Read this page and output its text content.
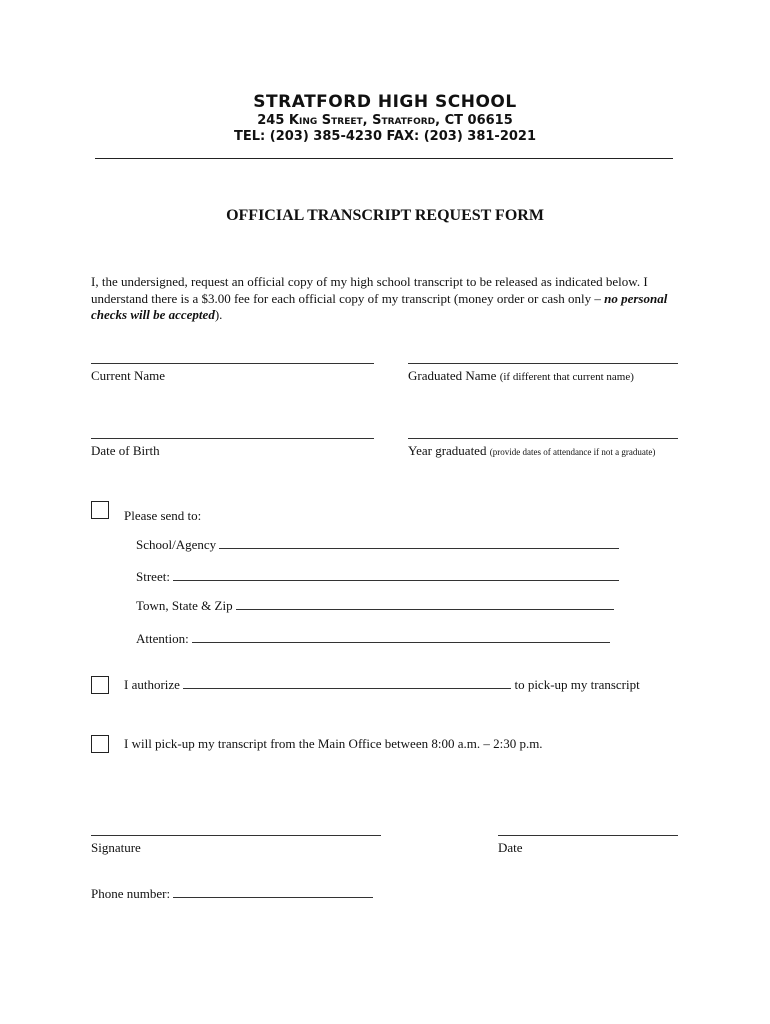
STRATFORD HIGH SCHOOL
245 King Street, Stratford, CT 06615
TEL: (203) 385-4230 FAX: (203) 381-2021
OFFICIAL TRANSCRIPT REQUEST FORM
I, the undersigned, request an official copy of my high school transcript to be released as indicated below. I understand there is a $3.00 fee for each official copy of my transcript (money order or cash only – no personal checks will be accepted).
Current Name	Graduated Name (if different that current name)
Date of Birth	Year graduated (provide dates of attendance if not a graduate)
Please send to:
School/Agency
Street:
Town, State & Zip
Attention:
I authorize	to pick-up my transcript
I will pick-up my transcript from the Main Office between 8:00 a.m. – 2:30 p.m.
Signature	Date
Phone number:
